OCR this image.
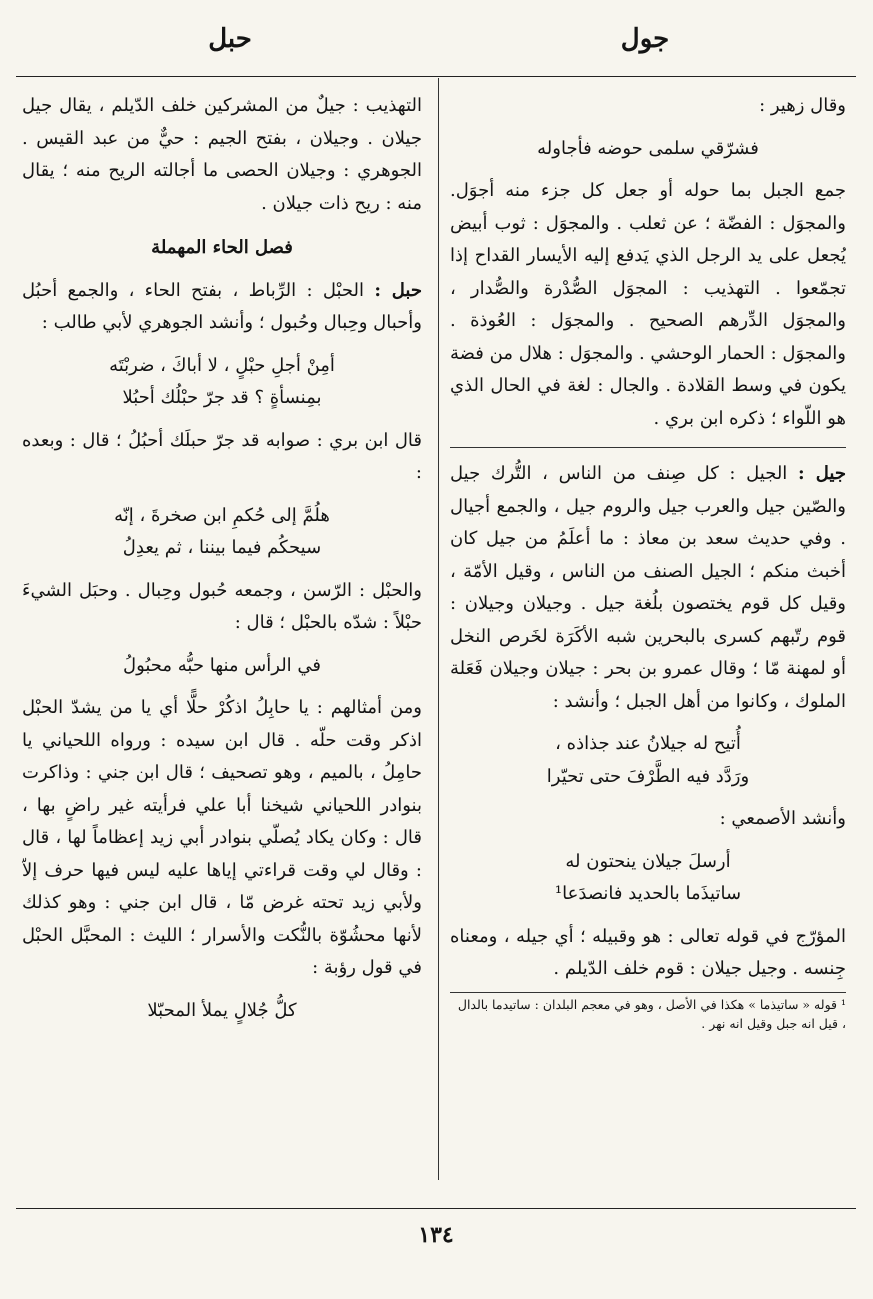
جول
حبل

وقال زهير :

فشرّقي سلمى حوضه فأجاوله

جمع الجبل بما حوله أو جعل كل جزء منه أجوَل. والمجوَل : الفضّة ؛ عن ثعلب . والمجوَل : ثوب أبيض يُجعل على يد الرجل الذي يَدفع إليه الأيسار القداح إذا تجمّعوا . التهذيب : المجوَل الصُّدْرة والصُّدار ، والمجوَل الدِّرهم الصحيح . والمجوَل : العُوذة . والمجوَل : الحمار الوحشي . والمجوَل : هلال من فضة يكون في وسط القلادة . والجال : لغة في الحال الذي هو اللّواء ؛ ذكره ابن بري .

جيل : الجيل : كل صِنف من الناس ، التُّرك جيل والصّين جيل والعرب جيل والروم جيل ، والجمع أجيال . وفي حديث سعد بن معاذ : ما أعلَمُ من جيل كان أخبث منكم ؛ الجيل الصنف من الناس ، وقيل الأمّة ، وقيل كل قوم يختصون بلُغة جيل . وجيلان وجيلان : قوم رتّبهم كسرى بالبحرين شبه الأكَرَة لخَرص النخل أو لمهنة مّا ؛ وقال عمرو بن بحر : جيلان وجيلان فَعَلة الملوك ، وكانوا من أهل الجبل ؛ وأنشد :

أُتيح له جيلانُ عند جذاذه ،
ورَدَّد فيه الطَّرْفَ حتى تحيّرا

وأنشد الأصمعي :

أرسلَ جيلان ينحتون له
ساتيذَما بالحديد فانصدَعا¹

المؤرّج في قوله تعالى : هو وقبيله ؛ أي جيله ، ومعناه جِنسه . وجيل جيلان : قوم خلف الدّيلم .

¹ قوله « ساتيذما » هكذا في الأصل ، وهو في معجم البلدان : ساتيدما بالدال ، قيل انه جبل وقيل انه نهر .

التهذيب : جيلٌ من المشركين خلف الدّيلم ، يقال جيل جيلان . وجيلان ، بفتح الجيم : حيٌّ من عبد القيس . الجوهري : وجيلان الحصى ما أجالته الريح منه ؛ يقال منه : ريح ذات جيلان .

فصل الحاء المهملة

حبل : الحبْل : الرِّباط ، بفتح الحاء ، والجمع أحبُل وأحبال وحِبال وحُبول ؛ وأنشد الجوهري لأبي طالب :

أمِنْ أجلِ حبْلٍ ، لا أباكَ ، ضربْتَه
بمِنسأةٍ ؟ قد جرّ حبْلُك أحبُلا

قال ابن بري : صوابه قد جرّ حبلَك أحبُلُ ؛ قال : وبعده :

هلُمَّ إلى حُكمِ ابن صخرةَ ، إنّه
سيحكُم فيما بيننا ، ثم يعدِلُ

والحبْل : الرّسن ، وجمعه حُبول وحِبال . وحبَل الشيءَ حبْلاً : شدّه بالحبْل ؛ قال :

في الرأس منها حبُّه محبُولُ

ومن أمثالهم : يا حابِلُ اذكُرْ حلًّا أي يا من يشدّ الحبْل اذكر وقت حلّه . قال ابن سيده : ورواه اللحياني يا حامِلُ ، بالميم ، وهو تصحيف ؛ قال ابن جني : وذاكرت بنوادر اللحياني شيخنا أبا علي فرأيته غير راضٍ بها ، قال : وكان يكاد يُصلّي بنوادر أبي زيد إعظاماً لها ، قال : وقال لي وقت قراءتي إياها عليه ليس فيها حرف إلاّ ولأبي زيد تحته غرض مّا ، قال ابن جني : وهو كذلك لأنها محشُوّة بالنُّكت والأسرار ؛ الليث : المحبَّل الحبْل في قول رؤبة :

كلُّ جُلالٍ يملأ المحبّلا

١٣٤
